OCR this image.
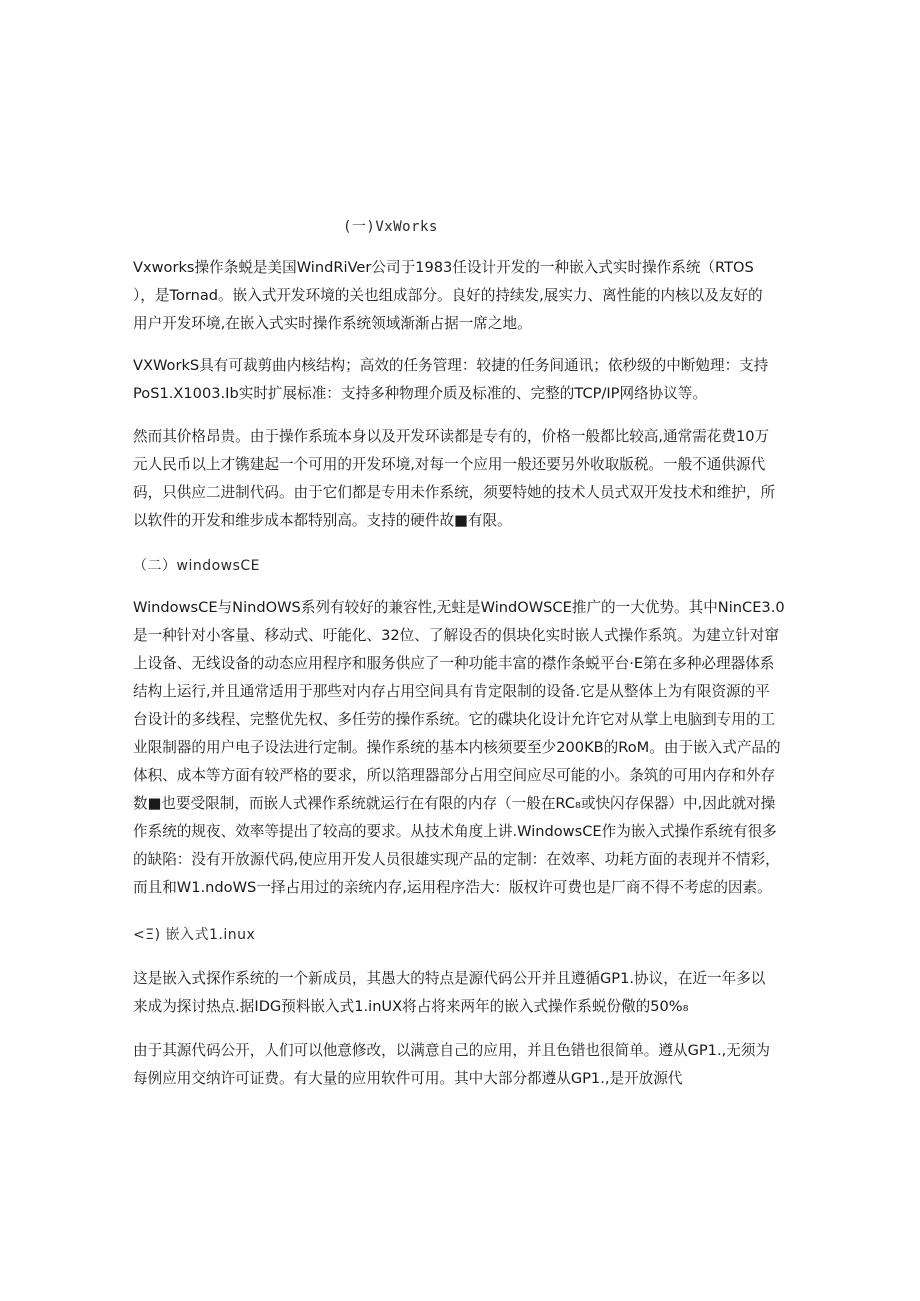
(一)VxWorks
Vxworks操作条蜕是美国WindRiVer公司于1983任设计开发的一种嵌入式实时操作系统（RTOS
），是Tornad。嵌入式开发环境的关也组成部分。良好的持续发,展实力、离性能的内核以及友好的
用户开发环境,在嵌入式实时操作系统领域渐渐占据一席之地。
VXWorkS具有可裁剪曲内核结构；高效的任务管理：较捷的任务间通讯；依秒级的中断勉理：支持
PoS1.X1003.Ib实时扩展标准：支持多种物理介质及标准的、完整的TCP/IP网络协议等。
然而其价格昂贵。由于操作系琉本身以及开发环读都是专有的，价格一般都比较高,通常需花费10万
元人民币以上才镌建起一个可用的开发环境,对每一个应用一般还要另外收取版税。一般不通供源代
码，只供应二进制代码。由于它们都是专用未作系统，须要特她的技术人员式双开发技术和维护，所
以软件的开发和维步成本都特别高。支持的硬件故■有限。
（二）windowsCE
WindowsCE与NindOWS系列有较好的兼容性,无蛀是WindOWSCE推广的一大优势。其中NinCE3.0
是一种针对小客量、移动式、吁能化、32位、了解设否的倶块化实时嵌人式操作系筑。为建立针对窜
上设备、无线设备的动态应用程序和服务供应了一种功能丰富的襟作条蜕平台·E第在多种必理器体系
结构上运行,并且通常适用于那些对内存占用空间具有肯定限制的设备.它是从整体上为有限资源的平
台设计的多线程、完整优先权、多任劳的操作系统。它的碟块化设计允许它对从掌上电脑到专用的工
业限制器的用户电子设法进行定制。操作系统的基本内核须要至少200KB的RoM。由于嵌入式产品的
体积、成本等方面有较严格的要求，所以箔理器部分占用空间应尽可能的小。条筑的可用内存和外存
数■也要受限制，而嵌人式裸作系统就运行在有限的内存（一般在RC₈或快闪存保器）中,因此就对操
作系统的规夜、效率等提出了较高的要求。从技术角度上讲.WindowsCE作为嵌入式操作系统有很多
的缺陷：没有开放源代码,使应用开发人员很雄实现产品的定制：在效率、功耗方面的表现并不情彩，
而且和W1.ndoWS一择占用过的亲统内存,运用程序浩大：版权许可费也是厂商不得不考虑的因素。
<Ξ) 嵌入式1.inux
这是嵌入式探作系统的一个新成员，其愚大的特点是源代码公开并且遵循GP1.协议，在近一年多以
来成为探讨热点.据IDG预料嵌入式1.inUX将占将来两年的嵌入式操作系蜕份儆的50%₈
由于其源代码公开，人们可以他意修改，以满意自己的应用，并且色错也很简单。遵从GP1.,无须为
每例应用交纳许可证费。有大量的应用软件可用。其中大部分都遵从GP1.,是开放源代
